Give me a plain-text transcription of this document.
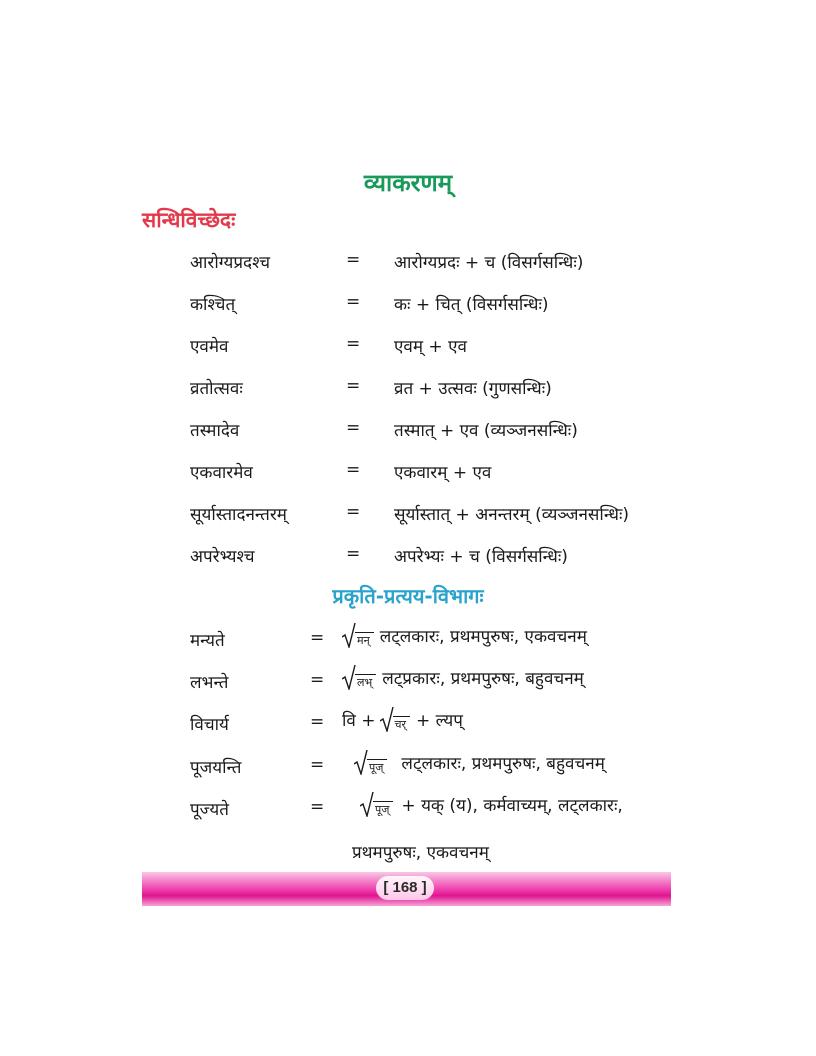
व्याकरणम्
सन्धिविच्छेदः
आरोग्यप्रदश्च	= आरोग्यप्रदः + च (विसर्गसन्धिः)
कश्चित्	= कः + चित् (विसर्गसन्धिः)
एवमेव	= एवम् + एव
व्रतोत्सवः	= व्रत + उत्सवः (गुणसन्धिः)
तस्मादेव	= तस्मात् + एव (व्यञ्जनसन्धिः)
एकवारमेव	= एकवारम् + एव
सूर्यास्तादनन्तरम्	= सूर्यास्तात् + अनन्तरम् (व्यञ्जनसन्धिः)
अपरेभ्यश्च	= अपरेभ्यः + च (विसर्गसन्धिः)
प्रकृति-प्रत्यय-विभागः
मन्यते	=	मन् लट्लकारः, प्रथमपुरुषः, एकवचनम्
लभन्ते	=	लभ् लट्प्रकारः, प्रथमपुरुषः, बहुवचनम्
विचार्य	= वि + चर् + ल्यप्
पूजयन्ति	=	पूज् लट्लकारः, प्रथमपुरुषः, बहुवचनम्
पूज्यते	=	पूज् + यक् (य), कर्मवाच्यम्, लट्लकारः,
प्रथमपुरुषः, एकवचनम्
[ 168 ]
